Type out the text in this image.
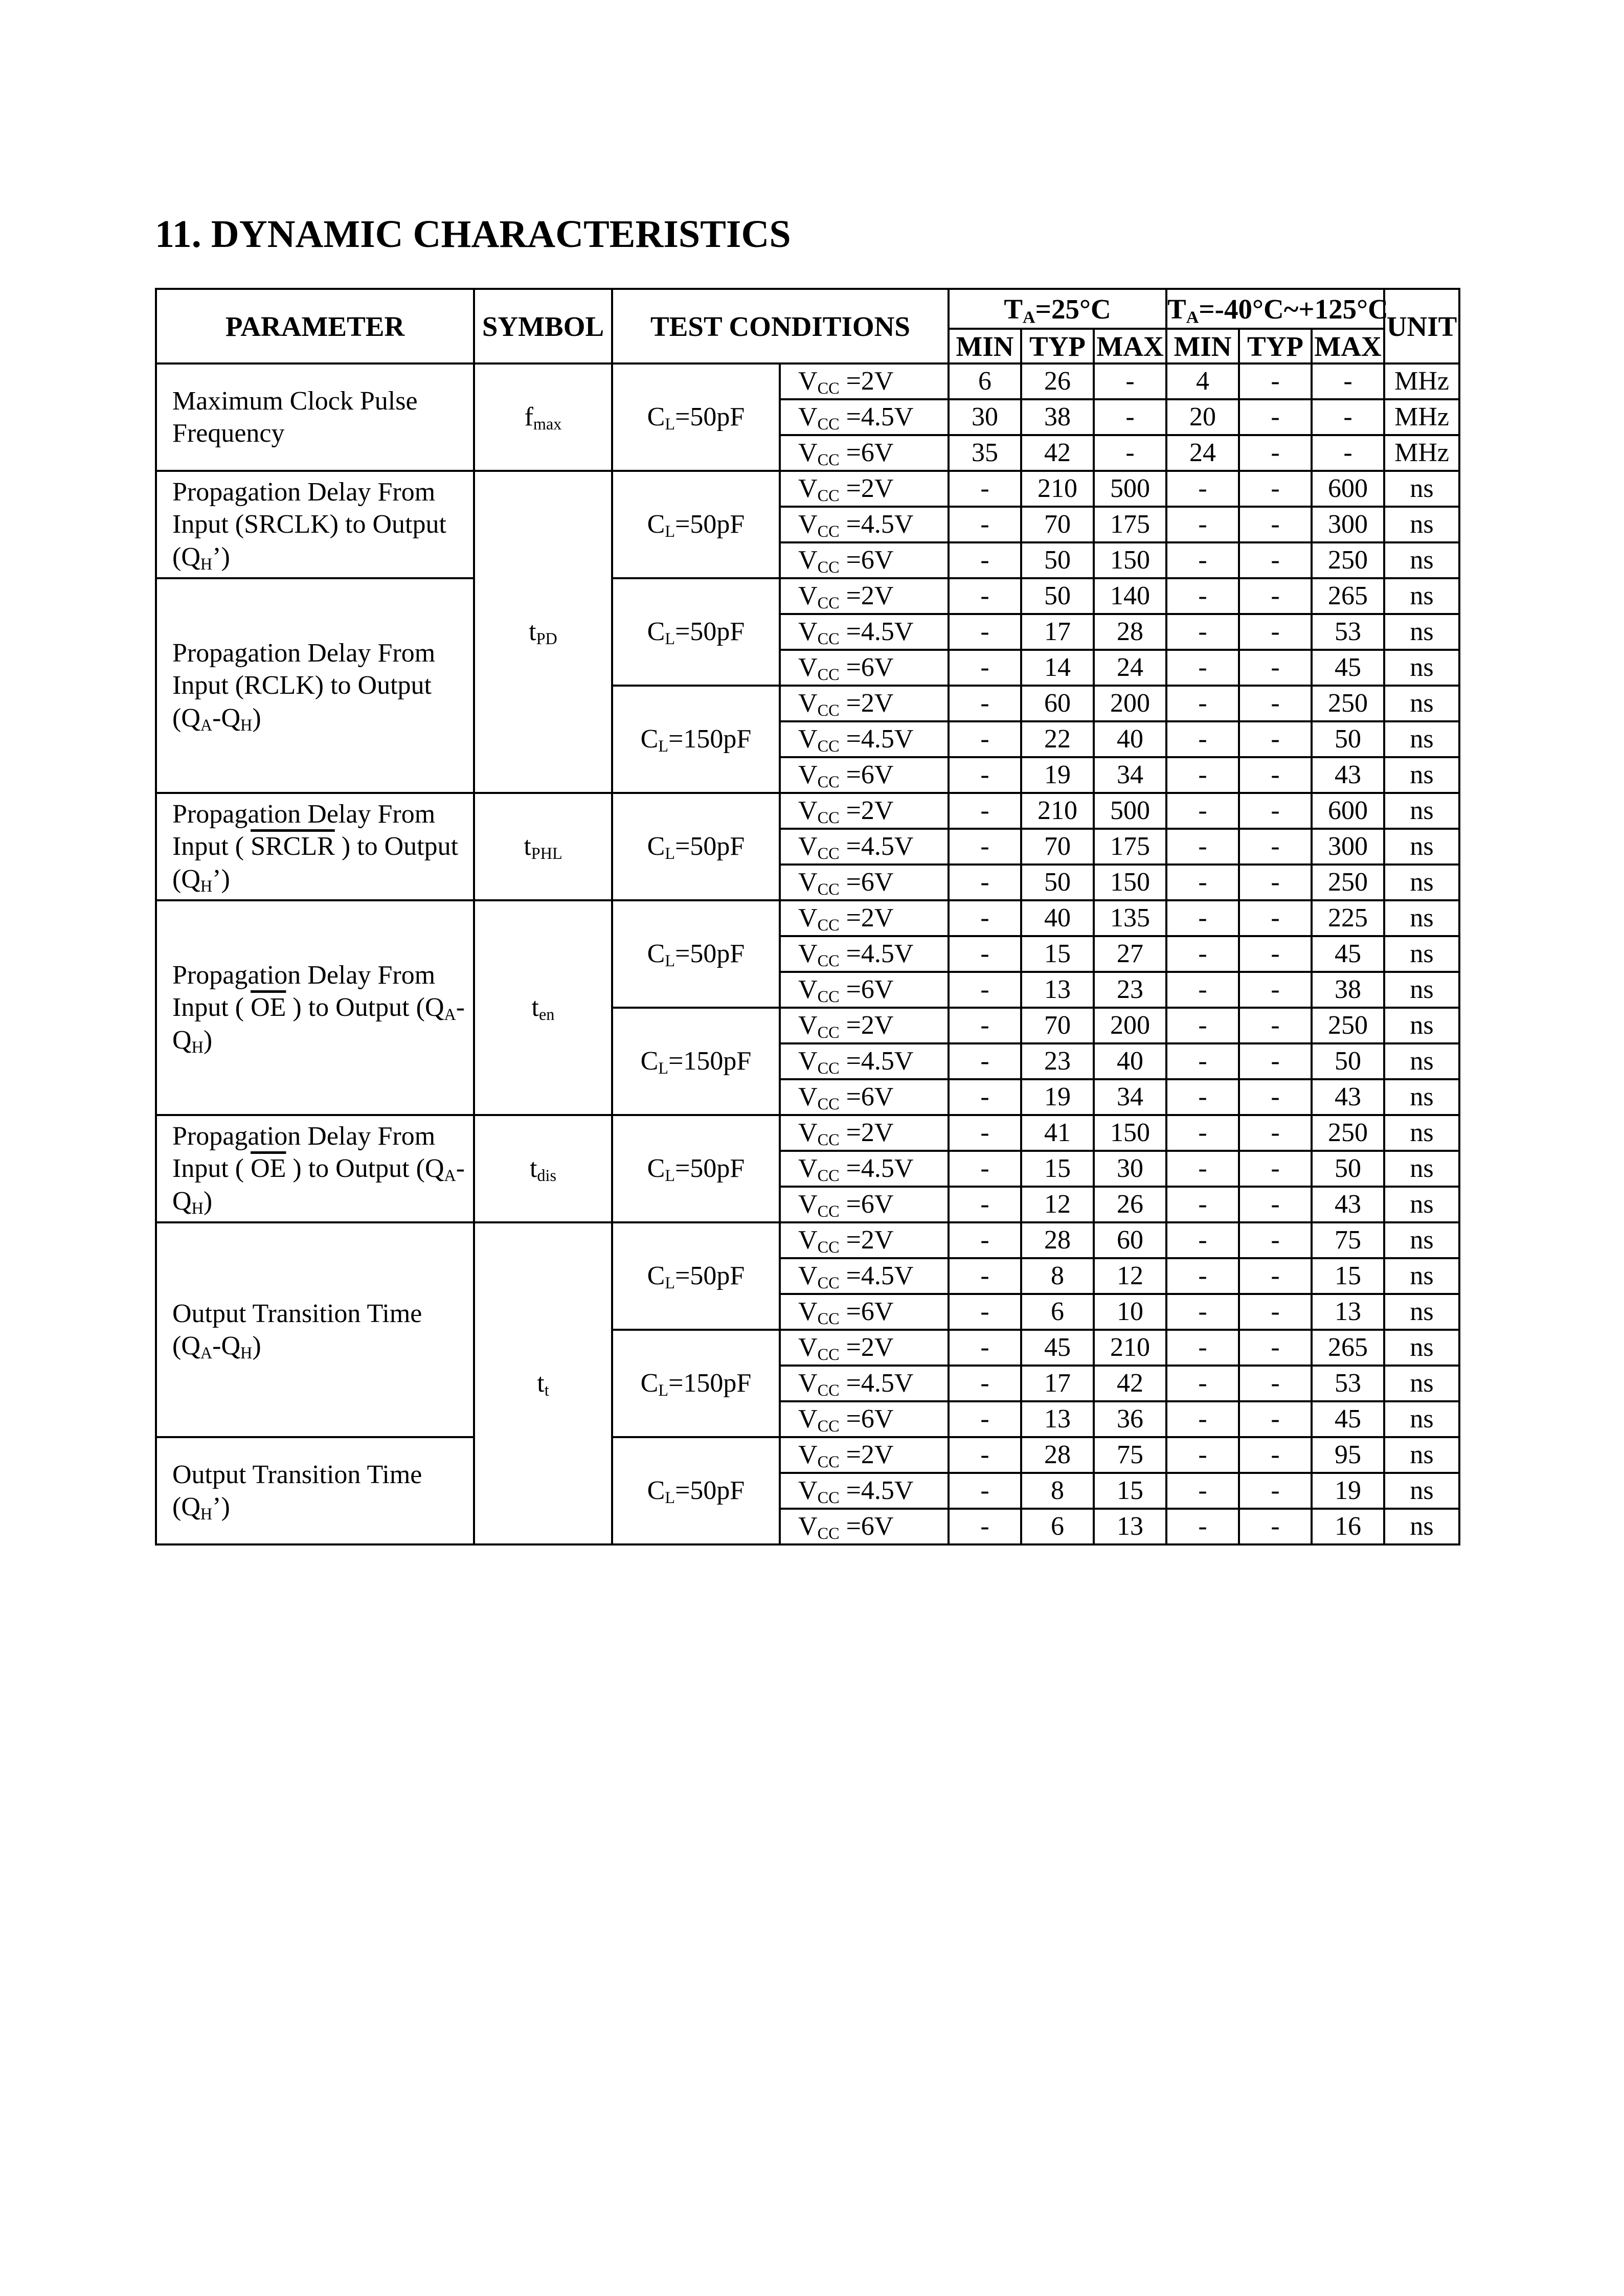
11. DYNAMIC CHARACTERISTICS
PARAMETER	SYMBOL	TEST CONDITIONS		$T_A=25^\circ C$			$T_A=-40^\circ C\sim+125^\circ C$			UNIT
				MIN	TYP	MAX	MIN	TYP	MAX	
Maximum Clock Pulse Frequency	$f_{max}$	$C_L=50pF$	$V_{CC} =2V$	6	26	-	4	-	-	MHz
			$V_{CC} =4.5V$	30	38	-	20	-	-	MHz
			$V_{CC} =6V$	35	42	-	24	-	-	MHz
Propagation Delay From Input (SRCLK) to Output $(Q_H’)$	$t_{PD}$	$C_L=50pF$	$V_{CC} =2V$	-	210	500	-	-	600	ns
			$V_{CC} =4.5V$	-	70	175	-	-	300	ns
			$V_{CC} =6V$	-	50	150	-	-	250	ns
Propagation Delay From Input (RCLK) to Output $(Q_A-Q_H)$		$C_L=50pF$	$V_{CC} =2V$	-	50	140	-	-	265	ns
			$V_{CC} =4.5V$	-	17	28	-	-	53	ns
			$V_{CC} =6V$	-	14	24	-	-	45	ns
		$C_L=150pF$	$V_{CC} =2V$	-	60	200	-	-	250	ns
			$V_{CC} =4.5V$	-	22	40	-	-	50	ns
			$V_{CC} =6V$	-	19	34	-	-	43	ns
Propagation Delay From Input ( SRCLR ) to Output $(Q_H’)$	$t_{PHL}$	$C_L=50pF$	$V_{CC} =2V$	-	210	500	-	-	600	ns
			$V_{CC} =4.5V$	-	70	175	-	-	300	ns
			$V_{CC} =6V$	-	50	150	-	-	250	ns
Propagation Delay From Input ( $\overline{OE}$ ) to Output $(Q_A-Q_H)$	$t_{en}$	$C_L=50pF$	$V_{CC} =2V$	-	40	135	-	-	225	ns
			$V_{CC} =4.5V$	-	15	27	-	-	45	ns
			$V_{CC} =6V$	-	13	23	-	-	38	ns
		$C_L=150pF$	$V_{CC} =2V$	-	70	200	-	-	250	ns
			$V_{CC} =4.5V$	-	23	40	-	-	50	ns
			$V_{CC} =6V$	-	19	34	-	-	43	ns
Propagation Delay From Input ( $\overline{OE}$ ) to Output $(Q_A-Q_H)$	$t_{dis}$	$C_L=50pF$	$V_{CC} =2V$	-	41	150	-	-	250	ns
			$V_{CC} =4.5V$	-	15	30	-	-	50	ns
			$V_{CC} =6V$	-	12	26	-	-	43	ns
Output Transition Time $(Q_A-Q_H)$	$t_t$	$C_L=50pF$	$V_{CC} =2V$	-	28	60	-	-	75	ns
			$V_{CC} =4.5V$	-	8	12	-	-	15	ns
			$V_{CC} =6V$	-	6	10	-	-	13	ns
		$C_L=150pF$	$V_{CC} =2V$	-	45	210	-	-	265	ns
			$V_{CC} =4.5V$	-	17	42	-	-	53	ns
			$V_{CC} =6V$	-	13	36	-	-	45	ns
Output Transition Time $(Q_H’)$		$C_L=50pF$	$V_{CC} =2V$	-	28	75	-	-	95	ns
			$V_{CC} =4.5V$	-	8	15	-	-	19	ns
			$V_{CC} =6V$	-	6	13	-	-	16	ns
